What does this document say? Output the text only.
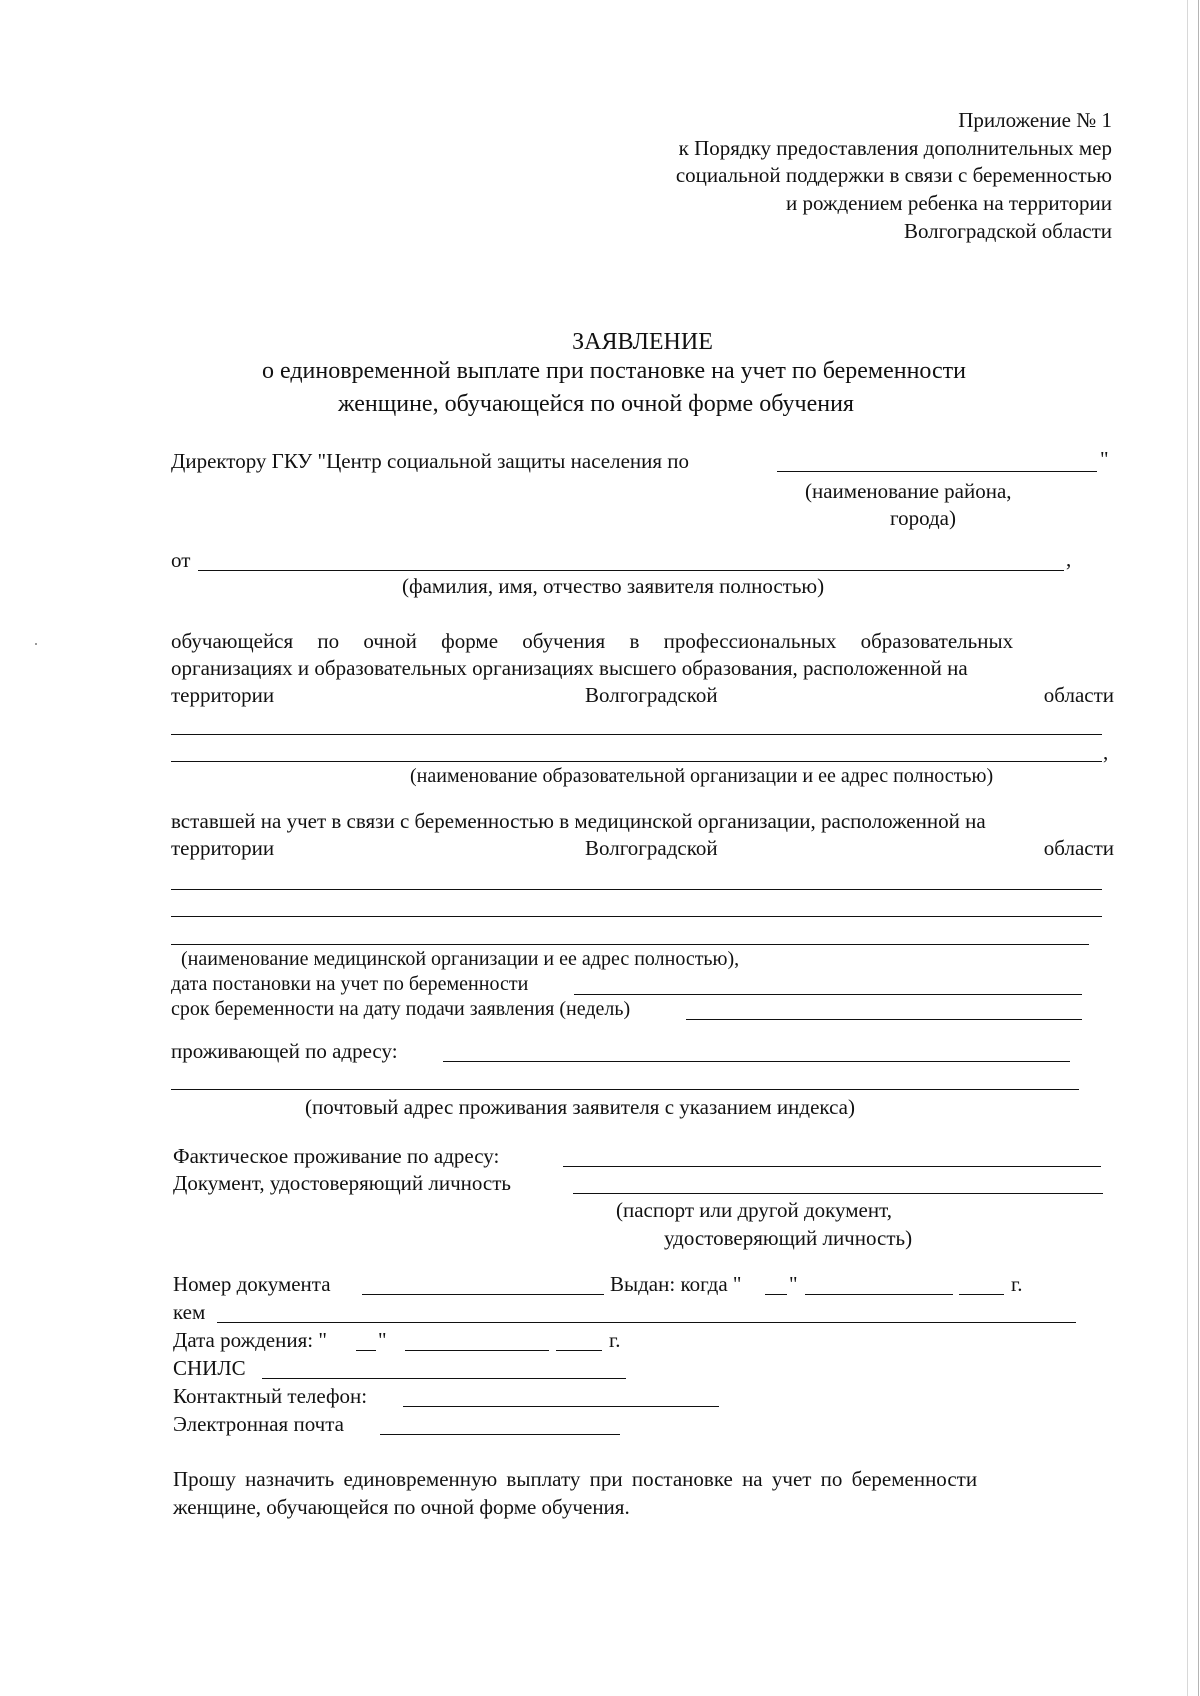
Приложение № 1
к Порядку предоставления дополнительных мер
социальной поддержки в связи с беременностью
и рождением ребенка на территории
Волгоградской области
ЗАЯВЛЕНИЕ
о единовременной выплате при постановке на учет по беременности
женщине, обучающейся по очной форме обучения
Директору ГКУ "Центр социальной защиты населения по	"
(наименование района,
города)
от	,
(фамилия, имя, отчество заявителя полностью)
обучающейся по очной форме обучения в профессиональных образовательных
организациях и образовательных организациях высшего образования, расположенной на
территории	Волгоградской	области
,
(наименование образовательной организации и ее адрес полностью)
вставшей на учет в связи с беременностью в медицинской организации, расположенной на
территории	Волгоградской	области
(наименование медицинской организации и ее адрес полностью),
дата постановки на учет по беременности
срок беременности на дату подачи заявления (недель)
проживающей по адресу:
(почтовый адрес проживания заявителя с указанием индекса)
Фактическое проживание по адресу:
Документ, удостоверяющий личность
(паспорт или другой документ,
удостоверяющий личность)
Номер документа	Выдан: когда " "	г.
кем
Дата рождения: " "	г.
СНИЛС
Контактный телефон:
Электронная почта
Прошу назначить единовременную выплату при постановке на учет по беременности
женщине, обучающейся по очной форме обучения.
